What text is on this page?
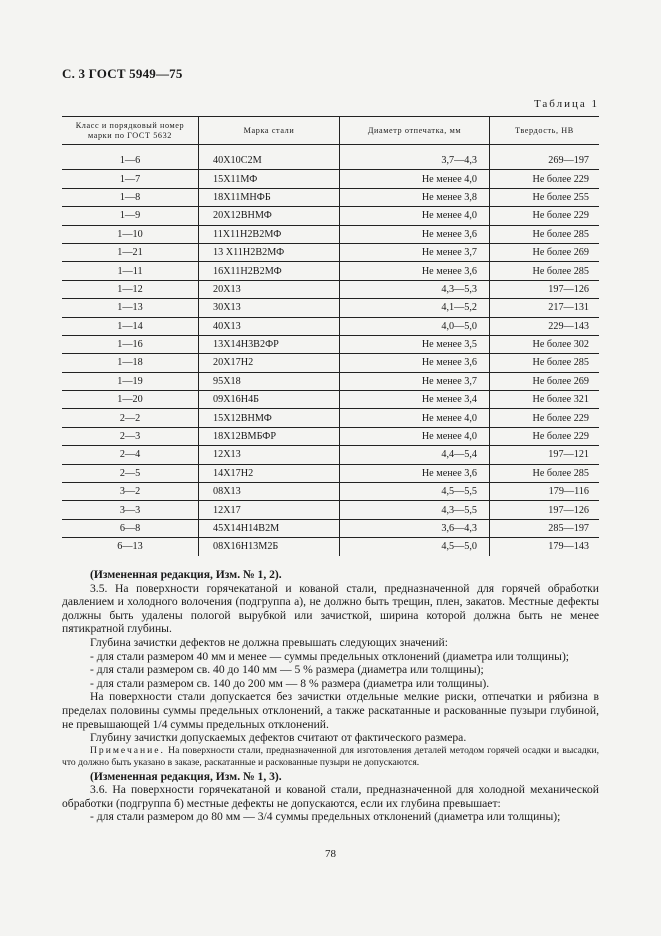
С. 3 ГОСТ 5949—75
Таблица 1
Класс и порядковый номер марки по ГОСТ 5632	Марка стали	Диаметр отпечатка, мм	Твердость, НВ

1—6	40Х10С2М	3,7—4,3	269—197
1—7	15Х11МФ	Не менее 4,0	Не более 229
1—8	18Х11МНФБ	Не менее 3,8	Не более 255
1—9	20Х12ВНМФ	Не менее 4,0	Не более 229
1—10	11Х11Н2В2МФ	Не менее 3,6	Не более 285
1—21	13 Х11Н2В2МФ	Не менее 3,7	Не более 269
1—11	16Х11Н2В2МФ	Не менее 3,6	Не более 285
1—12	20Х13	4,3—5,3	197—126
1—13	30Х13	4,1—5,2	217—131
1—14	40Х13	4,0—5,0	229—143
1—16	13Х14Н3В2ФР	Не менее 3,5	Не более 302
1—18	20Х17Н2	Не менее 3,6	Не более 285
1—19	95Х18	Не менее 3,7	Не более 269
1—20	09Х16Н4Б	Не менее 3,4	Не более 321
2—2	15Х12ВНМФ	Не менее 4,0	Не более 229
2—3	18Х12ВМБФР	Не менее 4,0	Не более 229
2—4	12Х13	4,4—5,4	197—121
2—5	14Х17Н2	Не менее 3,6	Не более 285
3—2	08Х13	4,5—5,5	179—116
3—3	12Х17	4,3—5,5	197—126
6—8	45Х14Н14В2М	3,6—4,3	285—197
6—13	08Х16Н13М2Б	4,5—5,0	179—143

(Измененная редакция, Изм. № 1, 2).

3.5. На поверхности горячекатаной и кованой стали, предназначенной для горячей обработки давлением и холодного волочения (подгруппа а), не должно быть трещин, плен, закатов. Местные дефекты должны быть удалены пологой вырубкой или зачисткой, ширина которой должна быть не менее пятикратной глубины.

Глубина зачистки дефектов не должна превышать следующих значений:

- для стали размером 40 мм и менее — суммы предельных отклонений (диаметра или толщины);

- для стали размером св. 40 до 140 мм — 5 % размера (диаметра или толщины);

- для стали размером св. 140 до 200 мм — 8 % размера (диаметра или толщины).

На поверхности стали допускается без зачистки отдельные мелкие риски, отпечатки и рябизна в пределах половины суммы предельных отклонений, а также раскатанные и раскованные пузыри глубиной, не превышающей 1/4 суммы предельных отклонений.

Глубину зачистки допускаемых дефектов считают от фактического размера.

Примечание. На поверхности стали, предназначенной для изготовления деталей методом горячей осадки и высадки, что должно быть указано в заказе, раскатанные и раскованные пузыри не допускаются.

(Измененная редакция, Изм. № 1, 3).

3.6. На поверхности горячекатаной и кованой стали, предназначенной для холодной механической обработки (подгруппа б) местные дефекты не допускаются, если их глубина превышает:

- для стали размером до 80 мм — 3/4 суммы предельных отклонений (диаметра или толщины);

78
